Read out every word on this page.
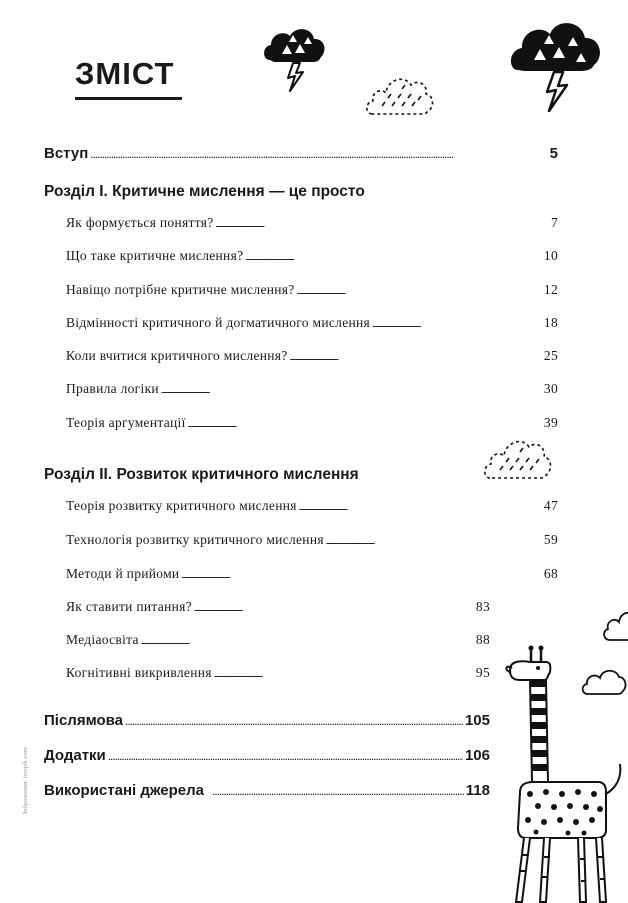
ЗМІСТ
Вступ . . .	5
Розділ I. Критичне мислення — це просто
Як формується поняття? . . .	7
Що таке критичне мислення? . . .	10
Навіщо потрібне критичне мислення? . . .	12
Відмінності критичного й догматичного мислення . . .	18
Коли вчитися критичного мислення? . . .	25
Правила логіки . . .	30
Теорія аргументації . . .	39
Розділ II. Розвиток критичного мислення
Теорія розвитку критичного мислення . . .	47
Технологія розвитку критичного мислення . . .	59
Методи й прийоми . . .	68
Як ставити питання? . . .	83
Медіаосвіта . . .	88
Когнітивні викривлення . . .	95
Післямова . . .	105
Додатки . . .	106
Використані джерела . . .	118
Зображення: freepik.com
